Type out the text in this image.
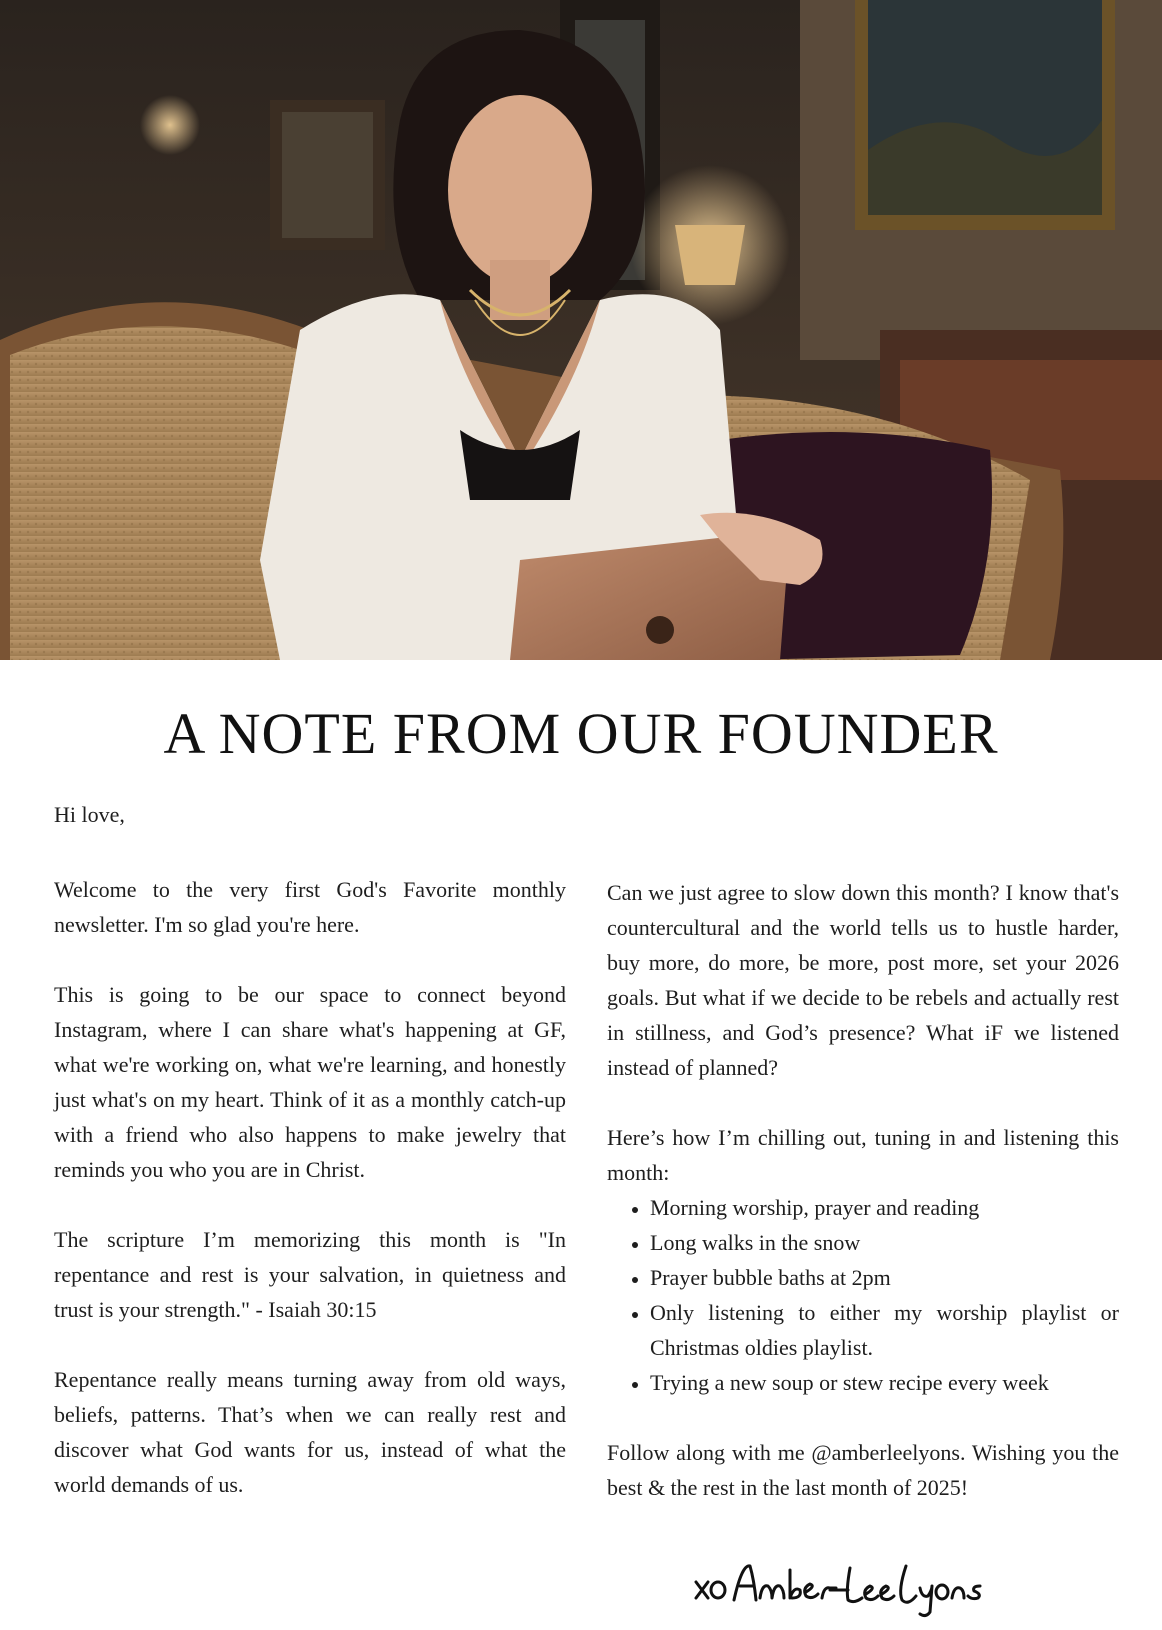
A NOTE FROM OUR FOUNDER

Hi love,

Welcome to the very first God's Favorite monthly newsletter. I'm so glad you're here.

This is going to be our space to connect beyond Instagram, where I can share what's happening at GF, what we're working on, what we're learning, and honestly just what's on my heart. Think of it as a monthly catch-up with a friend who also happens to make jewelry that reminds you who you are in Christ.

The scripture I’m memorizing this month is "In repentance and rest is your salvation, in quietness and trust is your strength." - Isaiah 30:15

Repentance really means turning away from old ways, beliefs, patterns. That’s when we can really rest and discover what God wants for us, instead of what the world demands of us.

Can we just agree to slow down this month? I know that's countercultural and the world tells us to hustle harder, buy more, do more, be more, post more, set your 2026 goals. But what if we decide to be rebels and actually rest in stillness, and God’s presence? What iF we listened instead of planned?

Here’s how I’m chilling out, tuning in and listening this month:

• Morning worship, prayer and reading
• Long walks in the snow
• Prayer bubble baths at 2pm
• Only listening to either my worship playlist or Christmas oldies playlist.
• Trying a new soup or stew recipe every week

Follow along with me @amberleelyons. Wishing you the best & the rest in the last month of 2025!
